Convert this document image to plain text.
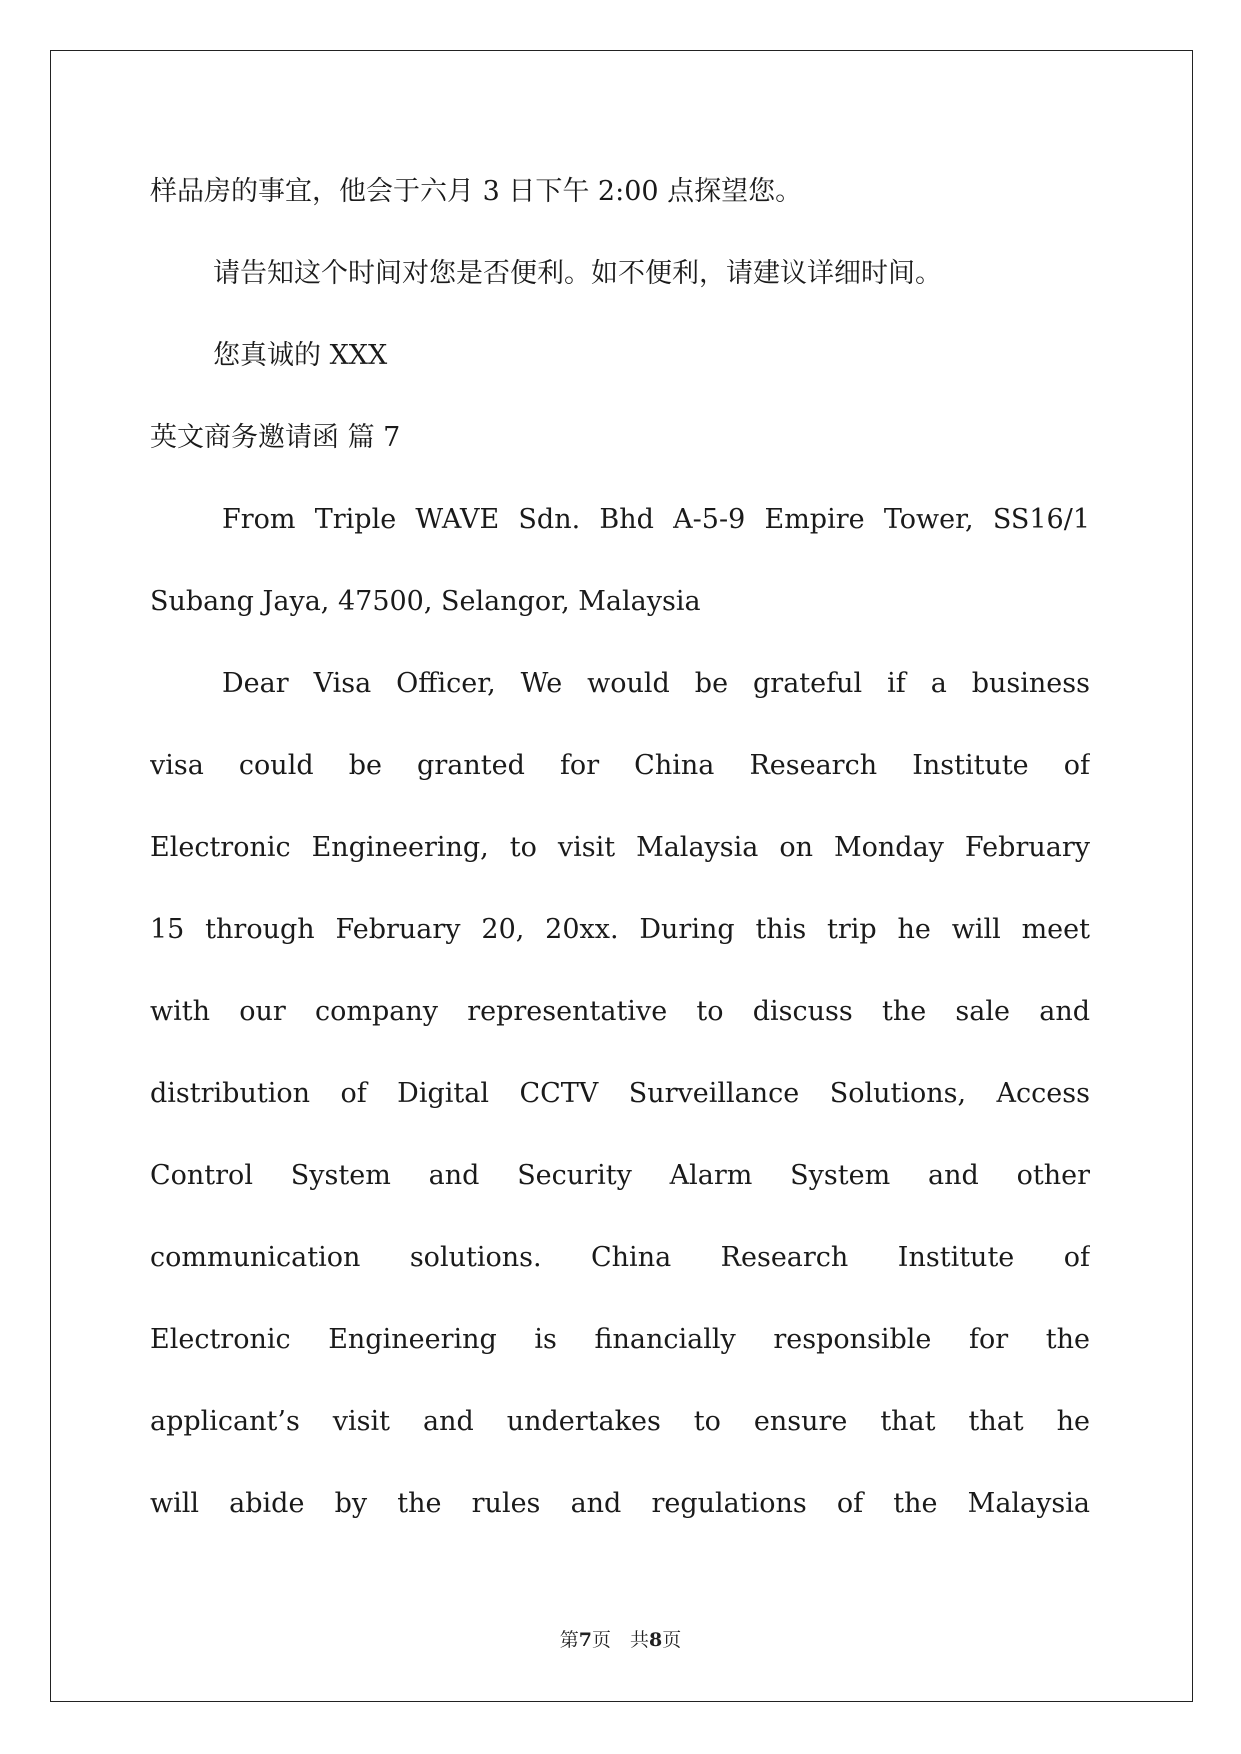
样品房的事宜，他会于六月 3 日下午 2:00 点探望您。
请告知这个时间对您是否便利。如不便利，请建议详细时间。
您真诚的 XXX
英文商务邀请函 篇 7
From Triple WAVE Sdn. Bhd A-5-9 Empire Tower, SS16/1
Subang Jaya, 47500, Selangor, Malaysia
Dear Visa Officer, We would be grateful if a business
visa could be granted for China Research Institute of
Electronic Engineering, to visit Malaysia on Monday February
15 through February 20, 20xx. During this trip he will meet
with our company representative to discuss the sale and
distribution of Digital CCTV Surveillance Solutions, Access
Control System and Security Alarm System and other
communication solutions. China Research Institute of
Electronic Engineering is financially responsible for the
applicant’s visit and undertakes to ensure that that he
will abide by the rules and regulations of the Malaysia
第7页　共8页
